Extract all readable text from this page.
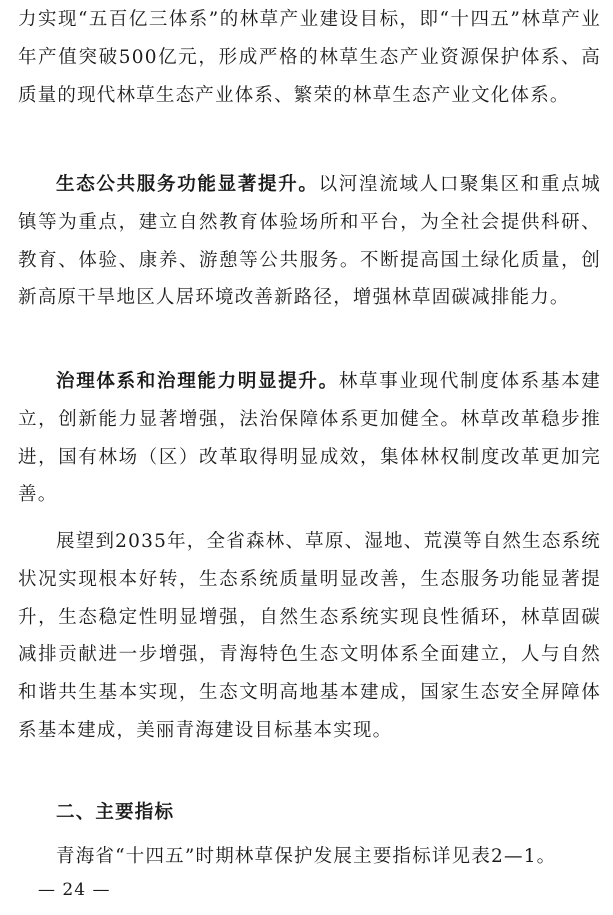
力实现“五百亿三体系”的林草产业建设目标，即“十四五”林草产业年产值突破500亿元，形成严格的林草生态产业资源保护体系、高质量的现代林草生态产业体系、繁荣的林草生态产业文化体系。

生态公共服务功能显著提升。以河湟流域人口聚集区和重点城镇等为重点，建立自然教育体验场所和平台，为全社会提供科研、教育、体验、康养、游憩等公共服务。不断提高国土绿化质量，创新高原干旱地区人居环境改善新路径，增强林草固碳减排能力。

治理体系和治理能力明显提升。林草事业现代制度体系基本建立，创新能力显著增强，法治保障体系更加健全。林草改革稳步推进，国有林场（区）改革取得明显成效，集体林权制度改革更加完善。

展望到2035年，全省森林、草原、湿地、荒漠等自然生态系统状况实现根本好转，生态系统质量明显改善，生态服务功能显著提升，生态稳定性明显增强，自然生态系统实现良性循环，林草固碳减排贡献进一步增强，青海特色生态文明体系全面建立，人与自然和谐共生基本实现，生态文明高地基本建成，国家生态安全屏障体系基本建成，美丽青海建设目标基本实现。

二、主要指标

青海省“十四五”时期林草保护发展主要指标详见表2—1。

— 24 —
